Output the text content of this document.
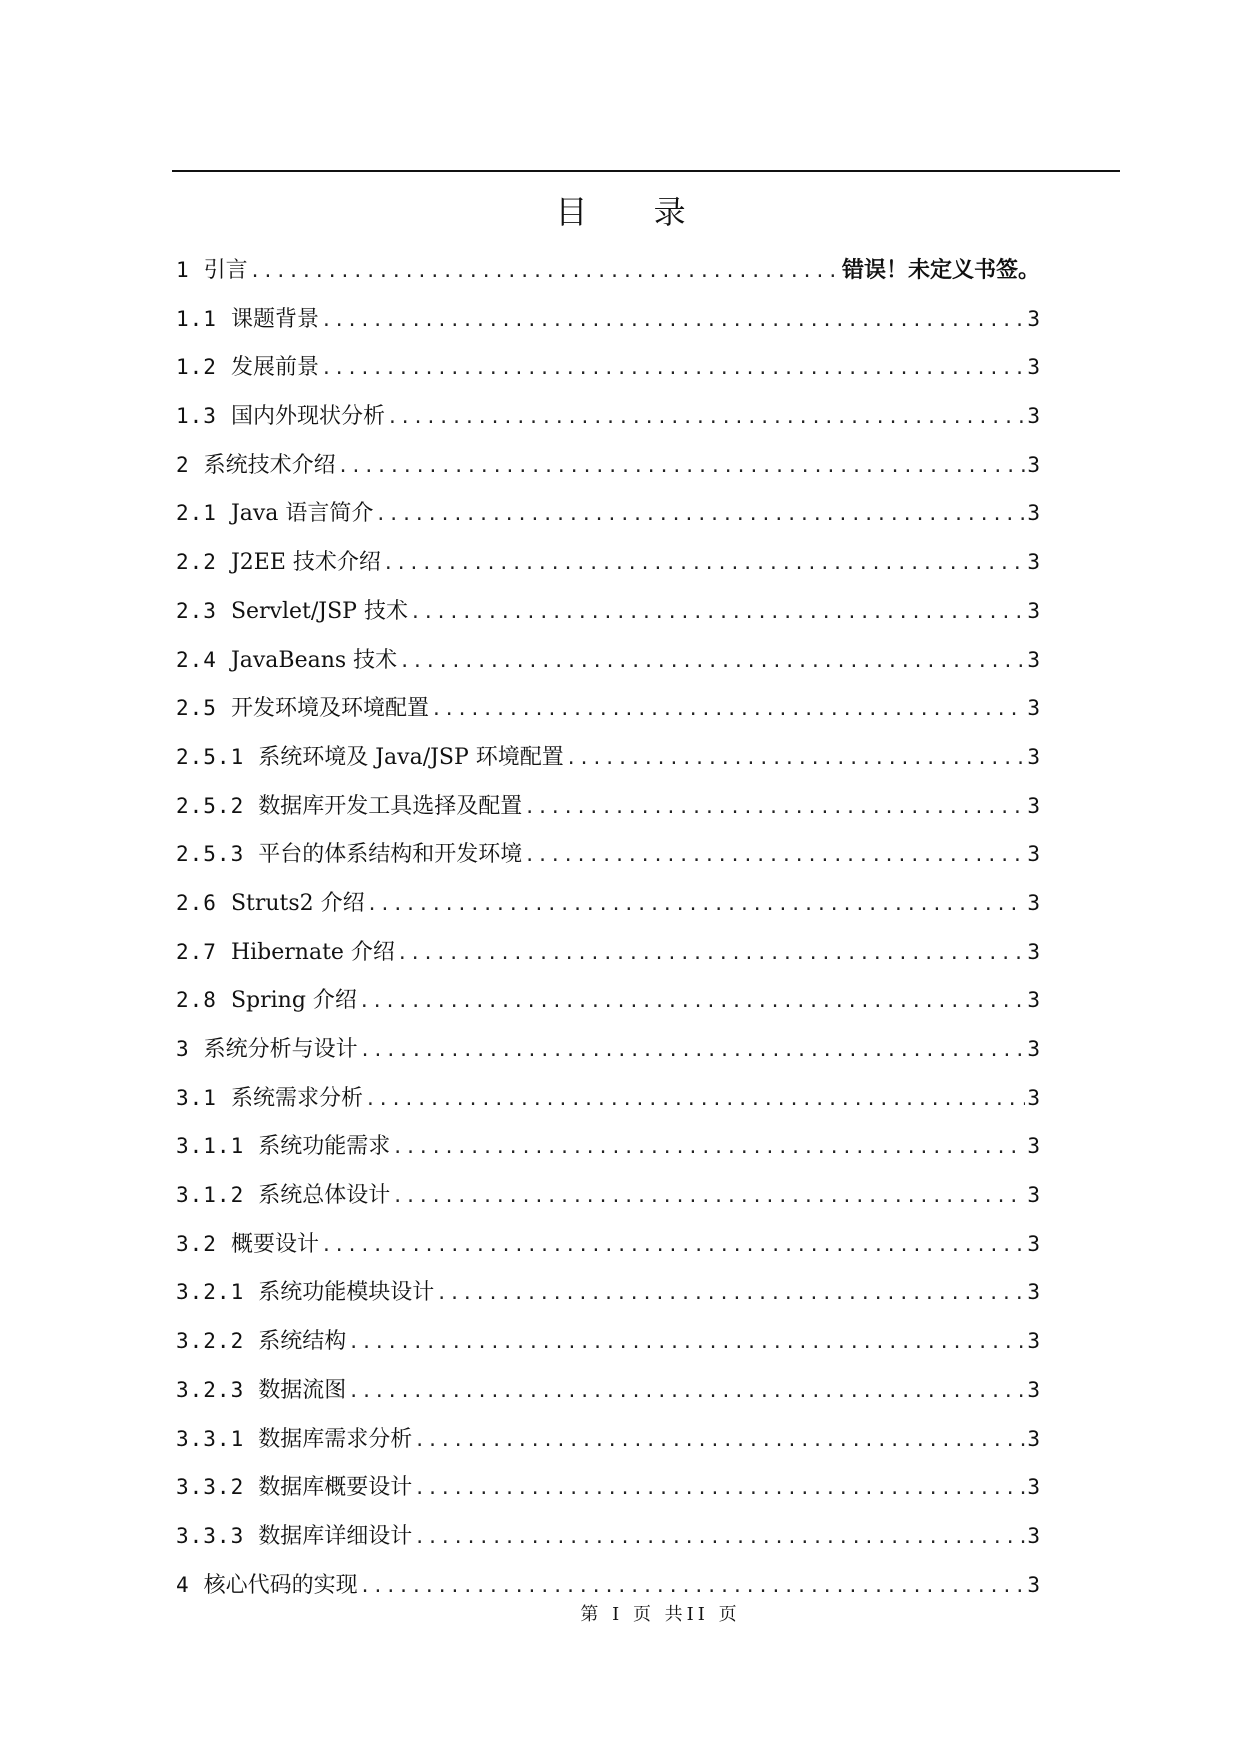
目 录
1 引言 .....	错误！未定义书签。
1.1 课题背景 .....	3
1.2 发展前景 .....	3
1.3 国内外现状分析 .....	3
2 系统技术介绍 .....	3
2.1 Java 语言简介 .....	3
2.2 J2EE 技术介绍 .....	3
2.3 Servlet/JSP 技术 .....	3
2.4 JavaBeans 技术 .....	3
2.5 开发环境及环境配置 .....	3
2.5.1 系统环境及 Java/JSP 环境配置 .....	3
2.5.2 数据库开发工具选择及配置 .....	3
2.5.3 平台的体系结构和开发环境 .....	3
2.6 Struts2 介绍 .....	3
2.7 Hibernate 介绍 .....	3
2.8 Spring 介绍 .....	3
3 系统分析与设计 .....	3
3.1 系统需求分析 .....	3
3.1.1 系统功能需求 .....	3
3.1.2 系统总体设计 .....	3
3.2 概要设计 .....	3
3.2.1 系统功能模块设计 .....	3
3.2.2 系统结构 .....	3
3.2.3 数据流图 .....	3
3.3.1 数据库需求分析 .....	3
3.3.2 数据库概要设计 .....	3
3.3.3 数据库详细设计 .....	3
4 核心代码的实现 .....	3
第 I 页 共II 页
